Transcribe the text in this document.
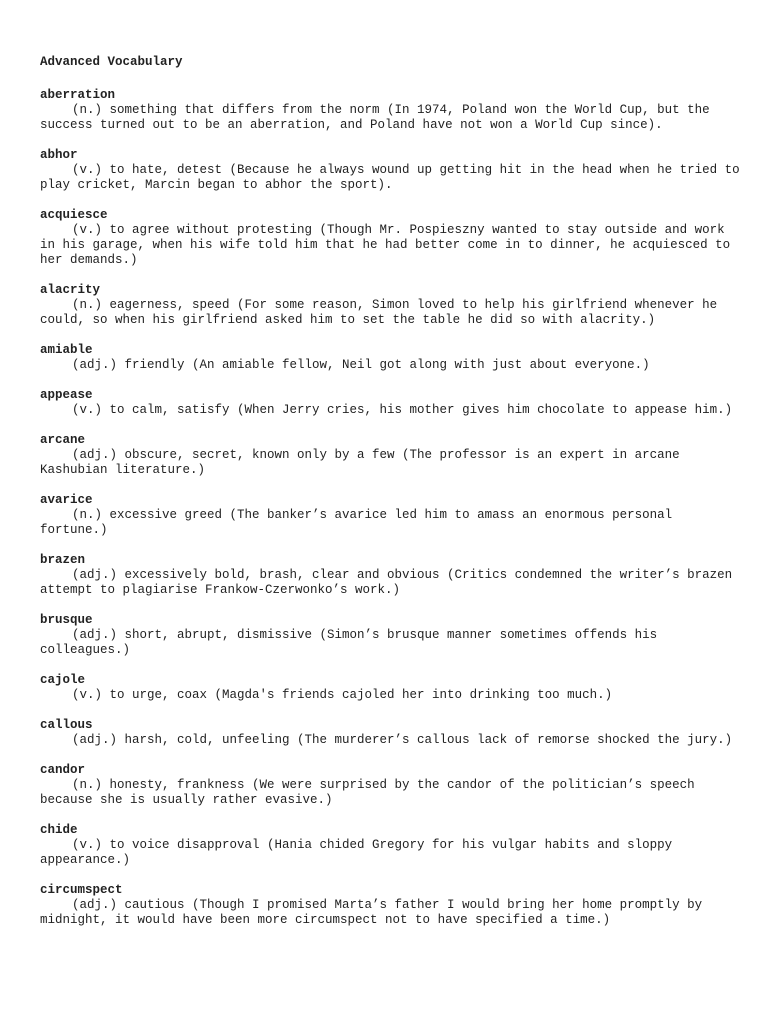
Advanced Vocabulary
aberration
(n.) something that differs from the norm (In 1974, Poland won the World Cup, but the success turned out to be an aberration, and Poland have not won a World Cup since).
abhor
(v.) to hate, detest (Because he always wound up getting hit in the head when he tried to play cricket, Marcin began to abhor the sport).
acquiesce
(v.) to agree without protesting (Though Mr. Pospieszny wanted to stay outside and work in his garage, when his wife told him that he had better come in to dinner, he acquiesced to her demands.)
alacrity
(n.) eagerness, speed (For some reason, Simon loved to help his girlfriend whenever he could, so when his girlfriend asked him to set the table he did so with alacrity.)
amiable
(adj.) friendly (An amiable fellow, Neil got along with just about everyone.)
appease
(v.) to calm, satisfy (When Jerry cries, his mother gives him chocolate to appease him.)
arcane
(adj.) obscure, secret, known only by a few (The professor is an expert in arcane Kashubian literature.)
avarice
(n.) excessive greed (The banker’s avarice led him to amass an enormous personal fortune.)
brazen
(adj.) excessively bold, brash, clear and obvious (Critics condemned the writer’s brazen attempt to plagiarise Frankow-Czerwonko’s work.)
brusque
(adj.) short, abrupt, dismissive (Simon’s brusque manner sometimes offends his colleagues.)
cajole
(v.) to urge, coax (Magda's friends cajoled her into drinking too much.)
callous
(adj.) harsh, cold, unfeeling (The murderer’s callous lack of remorse shocked the jury.)
candor
(n.) honesty, frankness (We were surprised by the candor of the politician’s speech because she is usually rather evasive.)
chide
(v.) to voice disapproval (Hania chided Gregory for his vulgar habits and sloppy appearance.)
circumspect
(adj.) cautious (Though I promised Marta’s father I would bring her home promptly by midnight, it would have been more circumspect not to have specified a time.)
